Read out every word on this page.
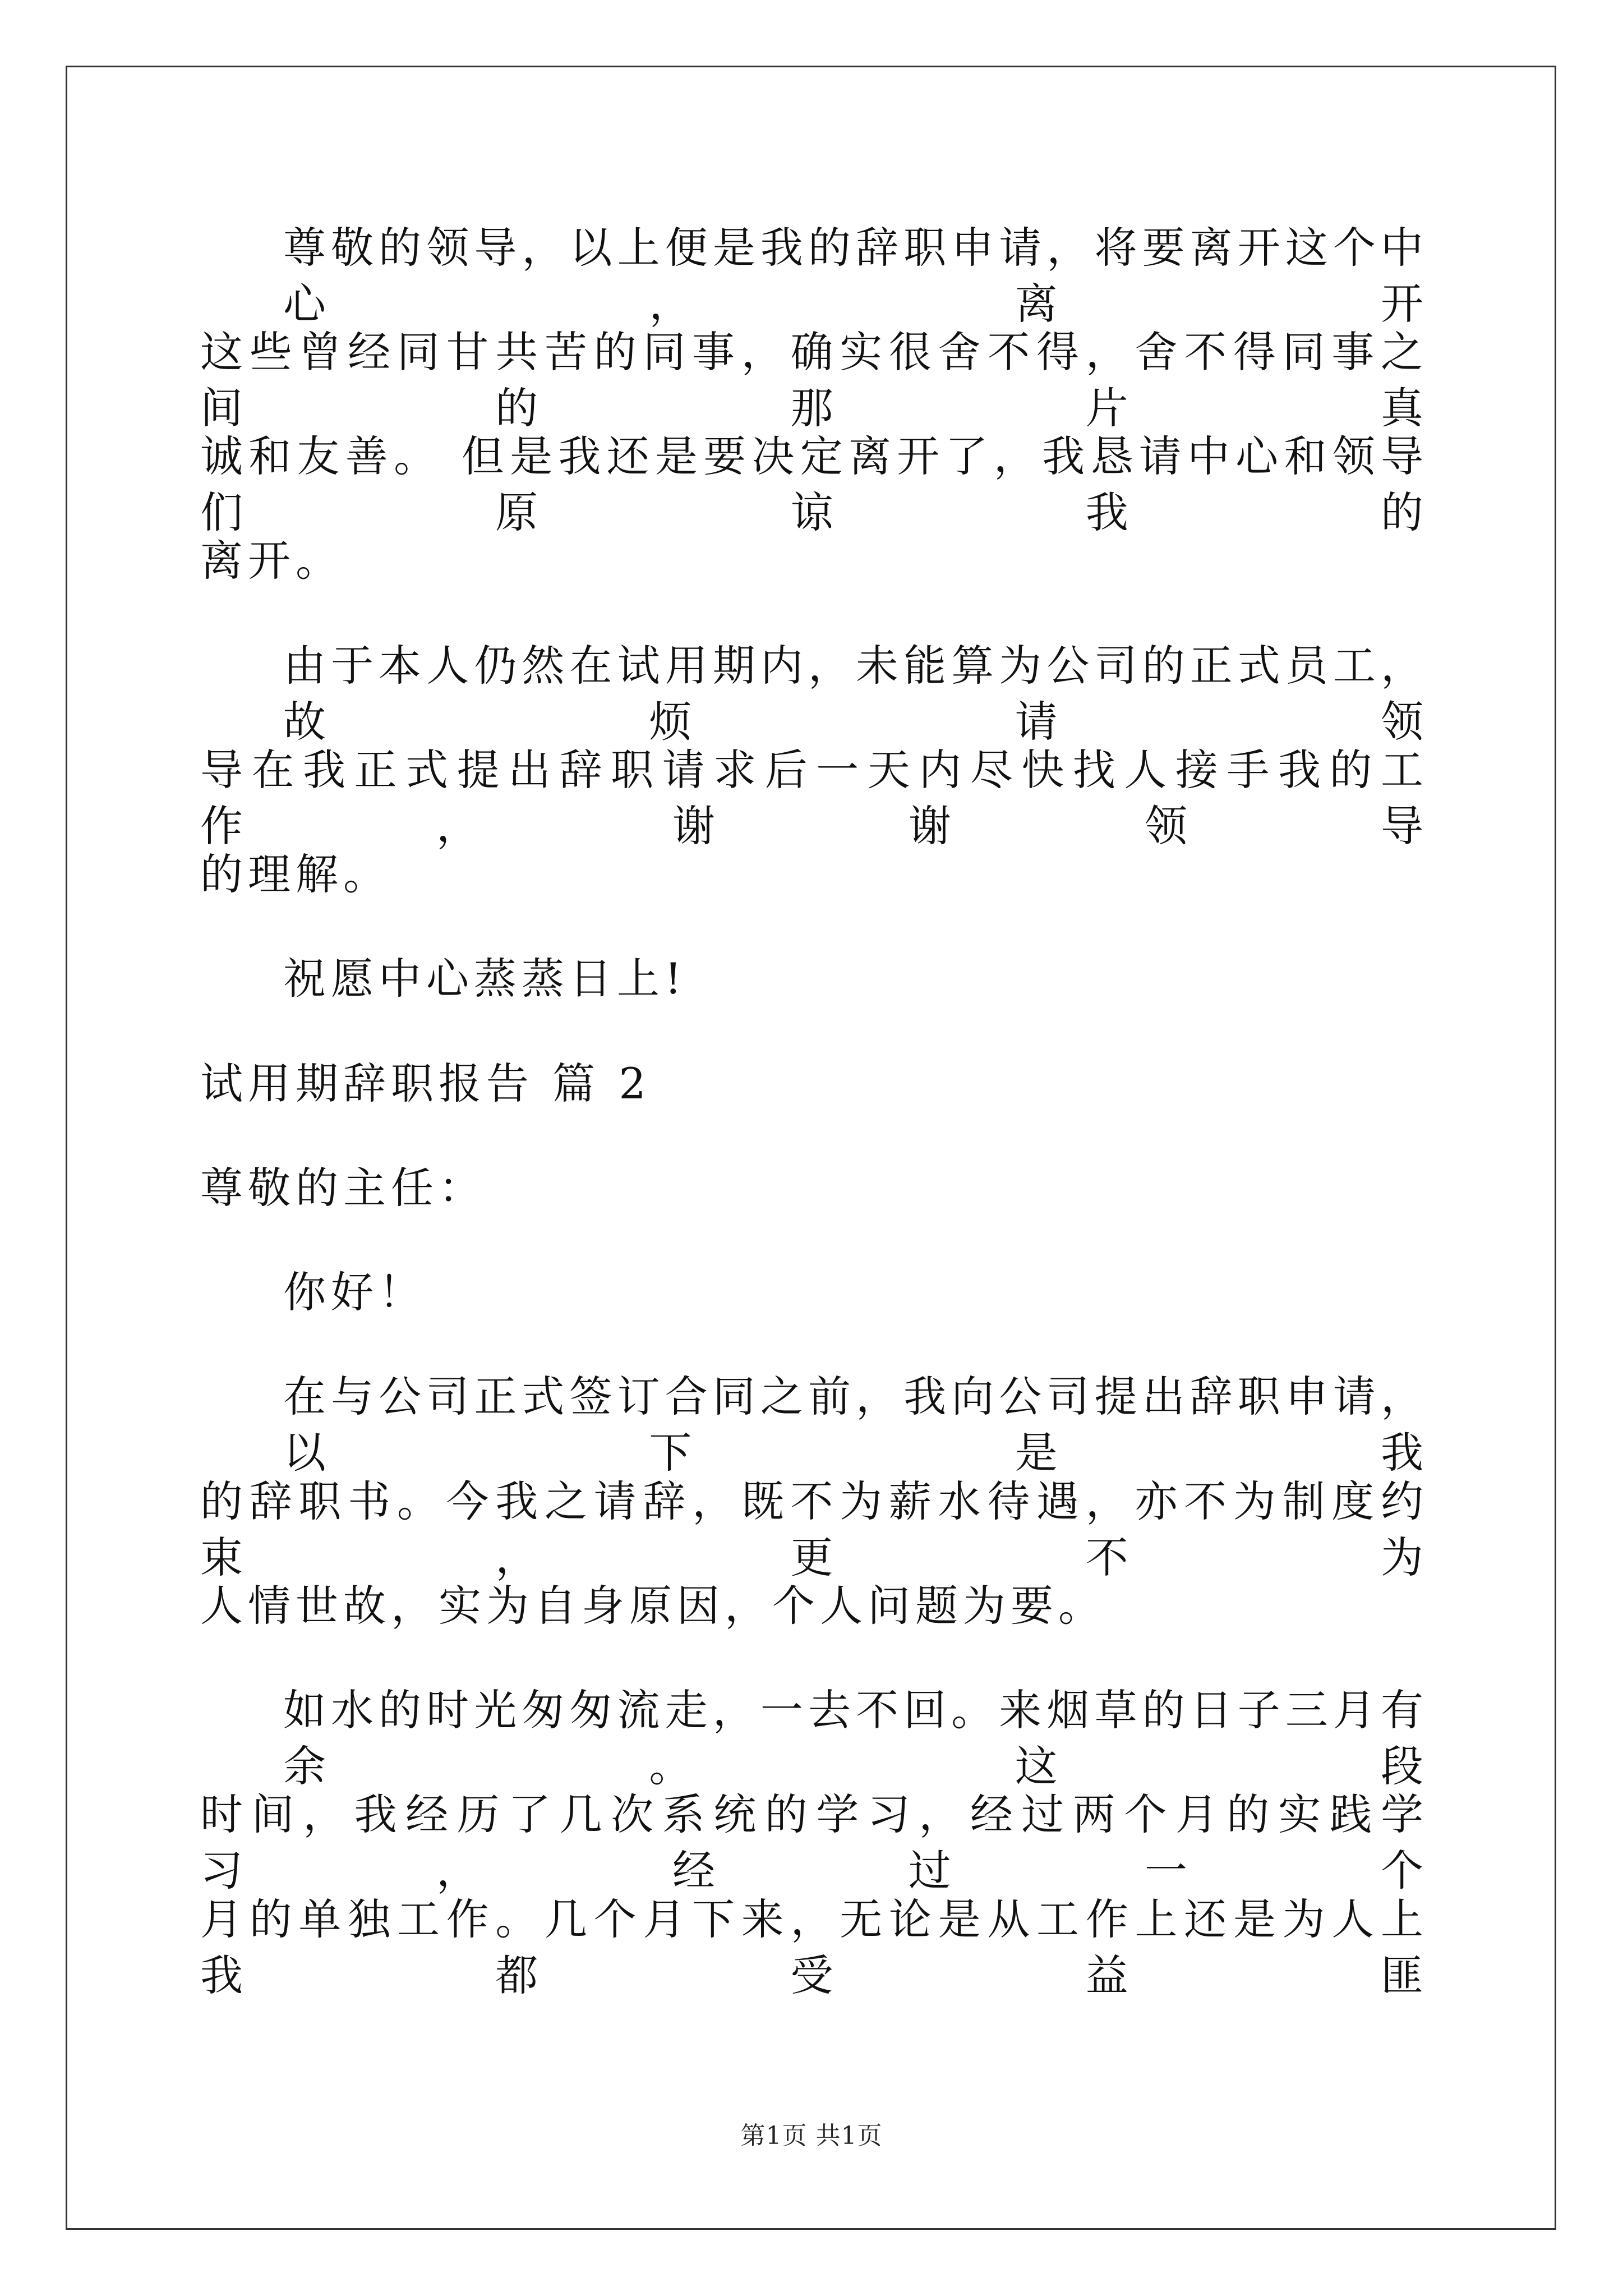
尊敬的领导，以上便是我的辞职申请，将要离开这个中心，离开
这些曾经同甘共苦的同事，确实很舍不得，舍不得同事之间的那片真
诚和友善。 但是我还是要决定离开了，我恳请中心和领导们原谅我的
离开。
由于本人仍然在试用期内，未能算为公司的正式员工，故烦请领
导在我正式提出辞职请求后一天内尽快找人接手我的工作，谢谢领导
的理解。
祝愿中心蒸蒸日上!
试用期辞职报告 篇 2
尊敬的主任：
你好！
在与公司正式签订合同之前，我向公司提出辞职申请，以下是我
的辞职书。今我之请辞，既不为薪水待遇，亦不为制度约束，更不为
人情世故，实为自身原因，个人问题为要。
如水的时光匆匆流走，一去不回。来烟草的日子三月有余。这段
时间，我经历了几次系统的学习，经过两个月的实践学习，经过一个
月的单独工作。几个月下来，无论是从工作上还是为人上我都受益匪
第1页 共1页
